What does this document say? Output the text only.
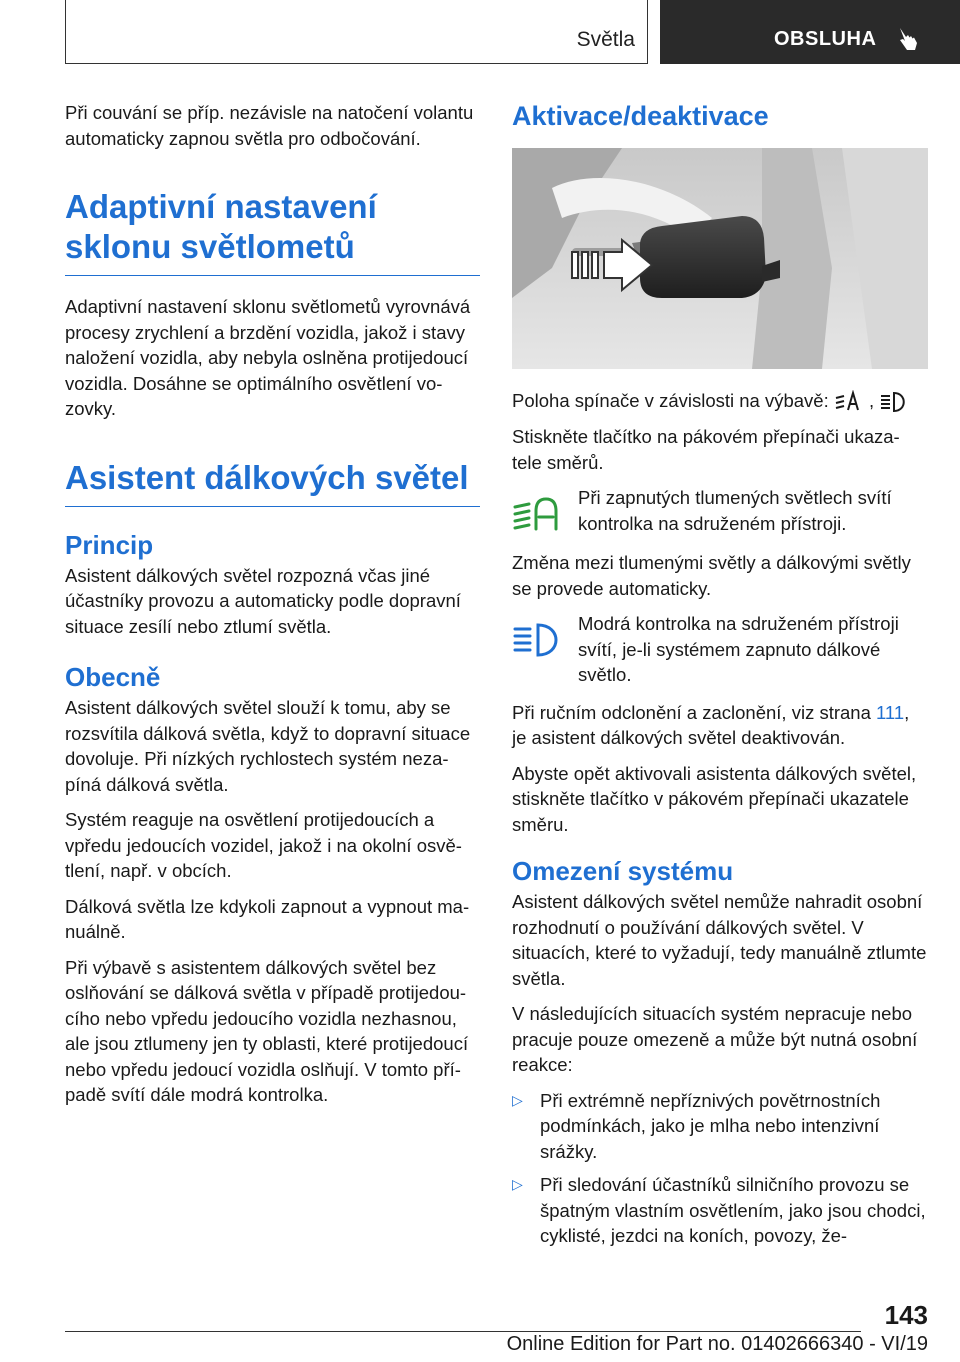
Světla	OBSLUHA

Při couvání se příp. nezávisle na natočení volantu automaticky zapnou světla pro odbočování.

Adaptivní nastavení sklonu světlometů

Adaptivní nastavení sklonu světlometů vyrovnává procesy zrychlení a brzdění vozidla, jakož i stavy naložení vozidla, aby nebyla oslněna protijedoucí vozidla. Dosáhne se optimálního osvětlení vo-zovky.

Asistent dálkových světel
Princip

Asistent dálkových světel rozpozná včas jiné účastníky provozu a automaticky podle dopravní situace zesílí nebo ztlumí světla.

Obecně

Asistent dálkových světel slouží k tomu, aby se rozsvítila dálková světla, když to dopravní situace dovoluje. Při nízkých rychlostech systém neza-píná dálková světla.

Systém reaguje na osvětlení protijedoucích a vpředu jedoucích vozidel, jakož i na okolní osvě-tlení, např. v obcích.

Dálková světla lze kdykoli zapnout a vypnout ma-nuálně.

Při výbavě s asistentem dálkových světel bez oslňování se dálková světla v případě protijedou-cího nebo vpředu jedoucího vozidla nezhasnou, ale jsou ztlumeny jen ty oblasti, které protijedoucí nebo vpředu jedoucí vozidla oslňují. V tomto pří-padě svítí dále modrá kontrolka.

Aktivace/deaktivace

Poloha spínače v závislosti na výbavě: ,

Stiskněte tlačítko na pákovém přepínači ukaza-tele směrů.

Při zapnutých tlumených světlech svítí kontrolka na sdruženém přístroji.

Změna mezi tlumenými světly a dálkovými světly se provede automaticky.

Modrá kontrolka na sdruženém přístroji svítí, je-li systémem zapnuto dálkové světlo.

Při ručním odclonění a zaclonění, viz strana 111, je asistent dálkových světel deaktivován.

Abyste opět aktivovali asistenta dálkových světel, stiskněte tlačítko v pákovém přepínači ukazatele směru.

Omezení systému

Asistent dálkových světel nemůže nahradit osobní rozhodnutí o používání dálkových světel. V situacích, které to vyžadují, tedy manuálně ztlumte světla.

V následujících situacích systém nepracuje nebo pracuje pouze omezeně a může být nutná osobní reakce:

▷ Při extrémně nepříznivých povětrnostních podmínkách, jako je mlha nebo intenzivní srážky.

▷ Při sledování účastníků silničního provozu se špatným vlastním osvětlením, jako jsou chodci, cyklisté, jezdci na koních, povozy, že-

143
Online Edition for Part no. 01402666340 - VI/19
